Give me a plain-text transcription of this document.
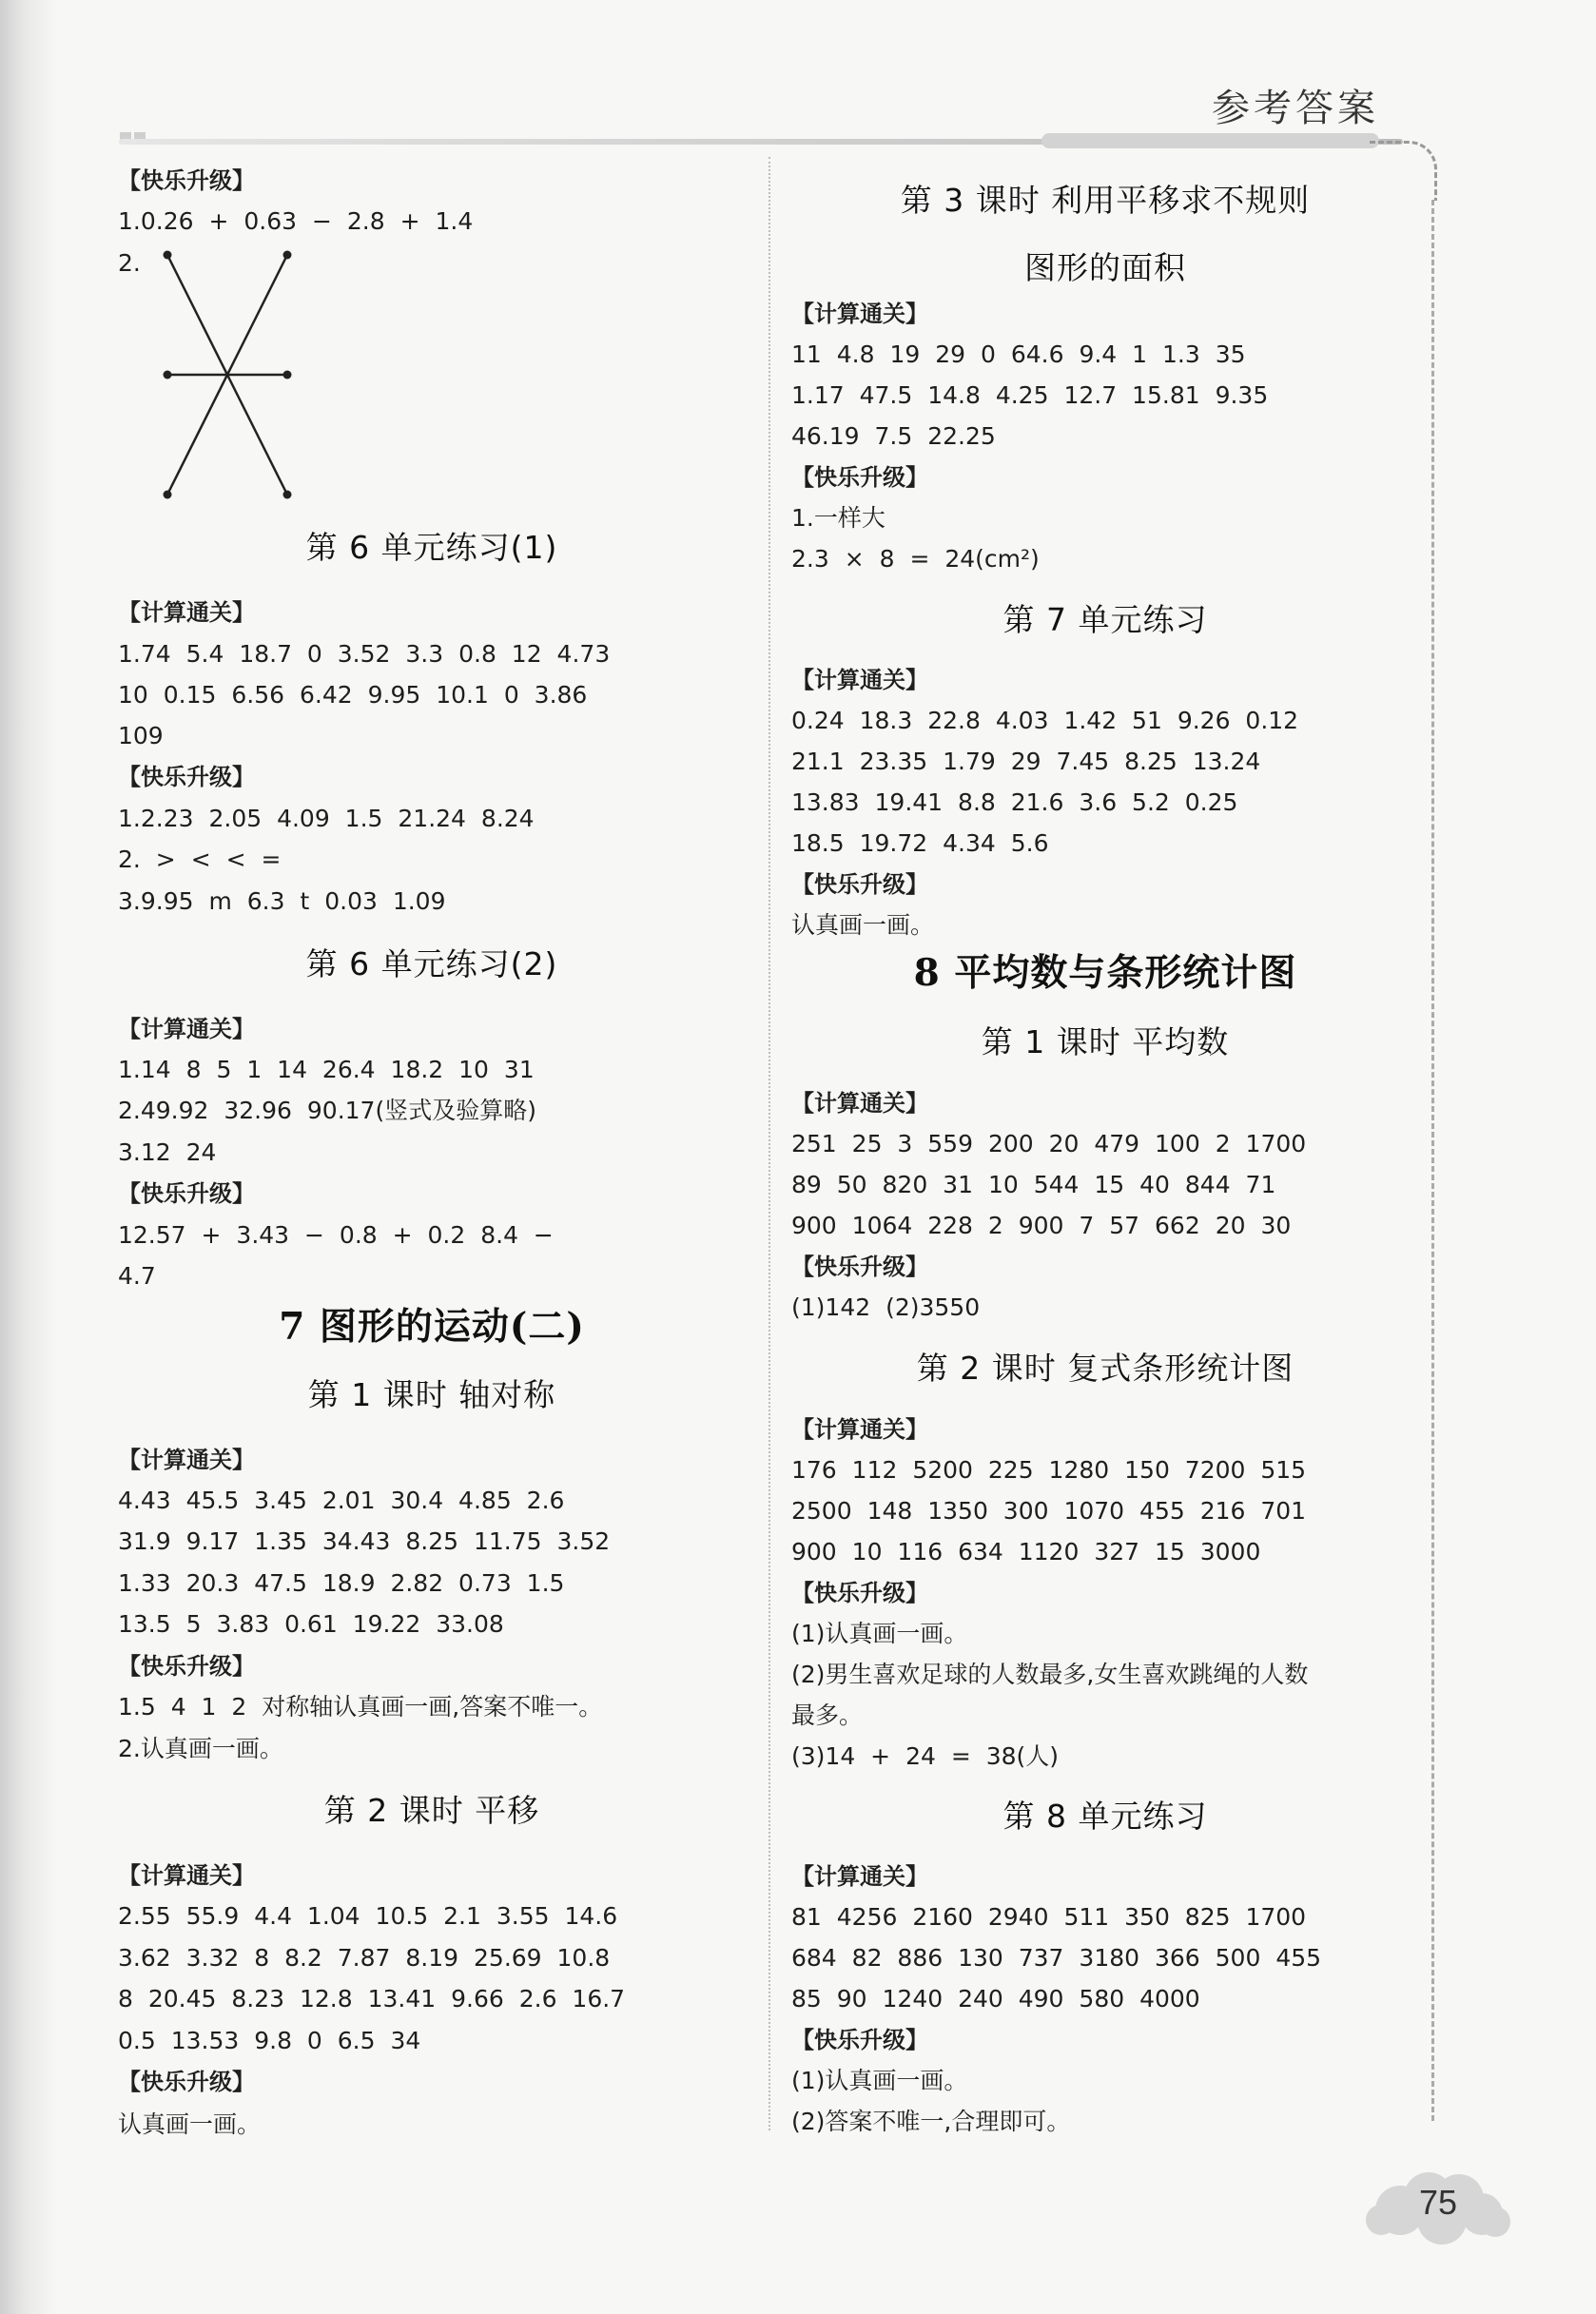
参考答案
【快乐升级】
1.0.26 + 0.63 − 2.8 + 1.4
2.
第 6 单元练习(1)
【计算通关】
1.74 5.4 18.7 0 3.52 3.3 0.8 12 4.73
10 0.15 6.56 6.42 9.95 10.1 0 3.86
109
【快乐升级】
1.2.23 2.05 4.09 1.5 21.24 8.24
2. > < < =
3.9.95 m 6.3 t 0.03 1.09
第 6 单元练习(2)
【计算通关】
1.14 8 5 1 14 26.4 18.2 10 31
2.49.92 32.96 90.17(竖式及验算略)
3.12 24
【快乐升级】
12.57 + 3.43 − 0.8 + 0.2 8.4 −
4.7
7 图形的运动(二)
第 1 课时 轴对称
【计算通关】
4.43 45.5 3.45 2.01 30.4 4.85 2.6
31.9 9.17 1.35 34.43 8.25 11.75 3.52
1.33 20.3 47.5 18.9 2.82 0.73 1.5
13.5 5 3.83 0.61 19.22 33.08
【快乐升级】
1.5 4 1 2 对称轴认真画一画,答案不唯一。
2.认真画一画。
第 2 课时 平移
【计算通关】
2.55 55.9 4.4 1.04 10.5 2.1 3.55 14.6
3.62 3.32 8 8.2 7.87 8.19 25.69 10.8
8 20.45 8.23 12.8 13.41 9.66 2.6 16.7
0.5 13.53 9.8 0 6.5 34
【快乐升级】
认真画一画。
第 3 课时 利用平移求不规则
图形的面积
【计算通关】
11 4.8 19 29 0 64.6 9.4 1 1.3 35
1.17 47.5 14.8 4.25 12.7 15.81 9.35
46.19 7.5 22.25
【快乐升级】
1.一样大
2.3 × 8 = 24(cm²)
第 7 单元练习
【计算通关】
0.24 18.3 22.8 4.03 1.42 51 9.26 0.12
21.1 23.35 1.79 29 7.45 8.25 13.24
13.83 19.41 8.8 21.6 3.6 5.2 0.25
18.5 19.72 4.34 5.6
【快乐升级】
认真画一画。
8 平均数与条形统计图
第 1 课时 平均数
【计算通关】
251 25 3 559 200 20 479 100 2 1700
89 50 820 31 10 544 15 40 844 71
900 1064 228 2 900 7 57 662 20 30
【快乐升级】
(1)142 (2)3550
第 2 课时 复式条形统计图
【计算通关】
176 112 5200 225 1280 150 7200 515
2500 148 1350 300 1070 455 216 701
900 10 116 634 1120 327 15 3000
【快乐升级】
(1)认真画一画。
(2)男生喜欢足球的人数最多,女生喜欢跳绳的人数
最多。
(3)14 + 24 = 38(人)
第 8 单元练习
【计算通关】
81 4256 2160 2940 511 350 825 1700
684 82 886 130 737 3180 366 500 455
85 90 1240 240 490 580 4000
【快乐升级】
(1)认真画一画。
(2)答案不唯一,合理即可。
75
